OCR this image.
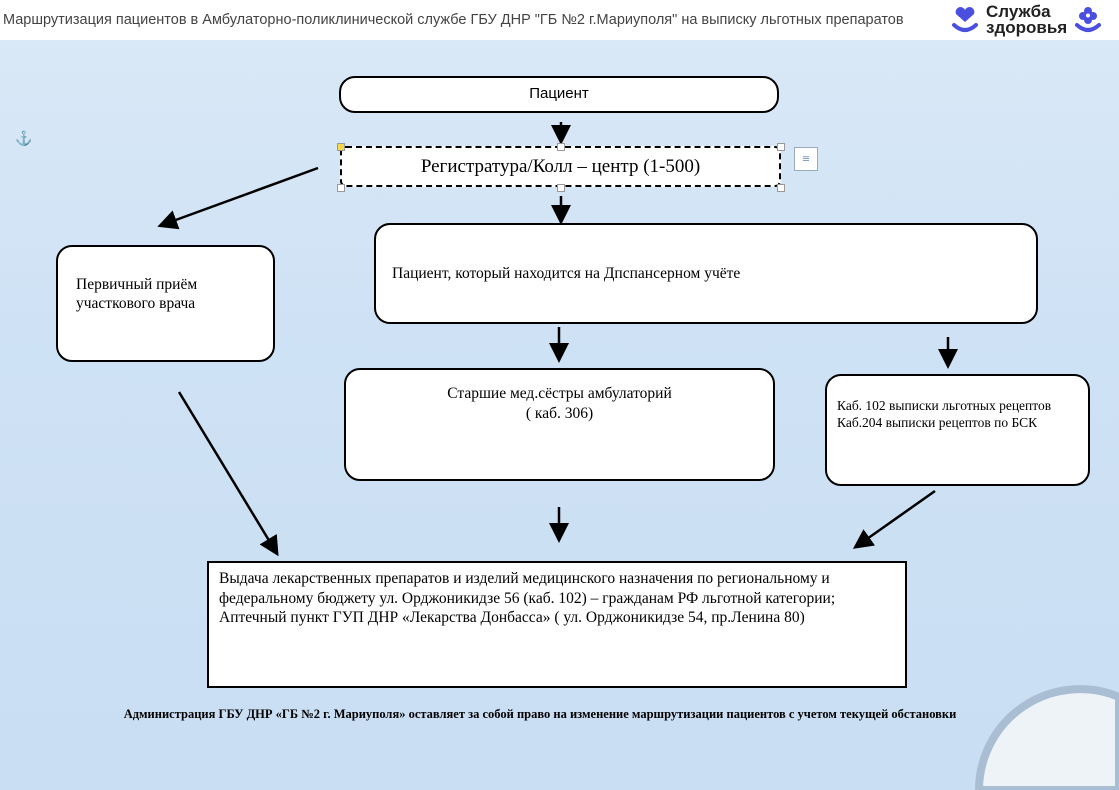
Маршрутизация пациентов в Амбулаторно-поликлинической службе ГБУ ДНР "ГБ №2 г.Мариуполя" на выписку льготных препаратов	Служба
здоровья
⚓
Пациент
Регистратура/Колл – центр (1-500)	≡
Первичный приём участкового врача
Пациент, который находится на Дпспансерном учёте
Старшие мед.сёстры амбулаторий
( каб. 306)	Каб. 102 выписки льготных рецептов
Каб.204 выписки рецептов по БСК
Выдача лекарственных препаратов и изделий медицинского назначения по региональному и федеральному бюджету ул. Орджоникидзе 56 (каб. 102) – гражданам РФ льготной категории;
Аптечный пункт ГУП ДНР «Лекарства Донбасса» ( ул. Орджоникидзе 54, пр.Ленина 80)
Администрация ГБУ ДНР «ГБ №2 г. Мариуполя» оставляет за собой право на изменение маршрутизации пациентов с учетом текущей обстановки
